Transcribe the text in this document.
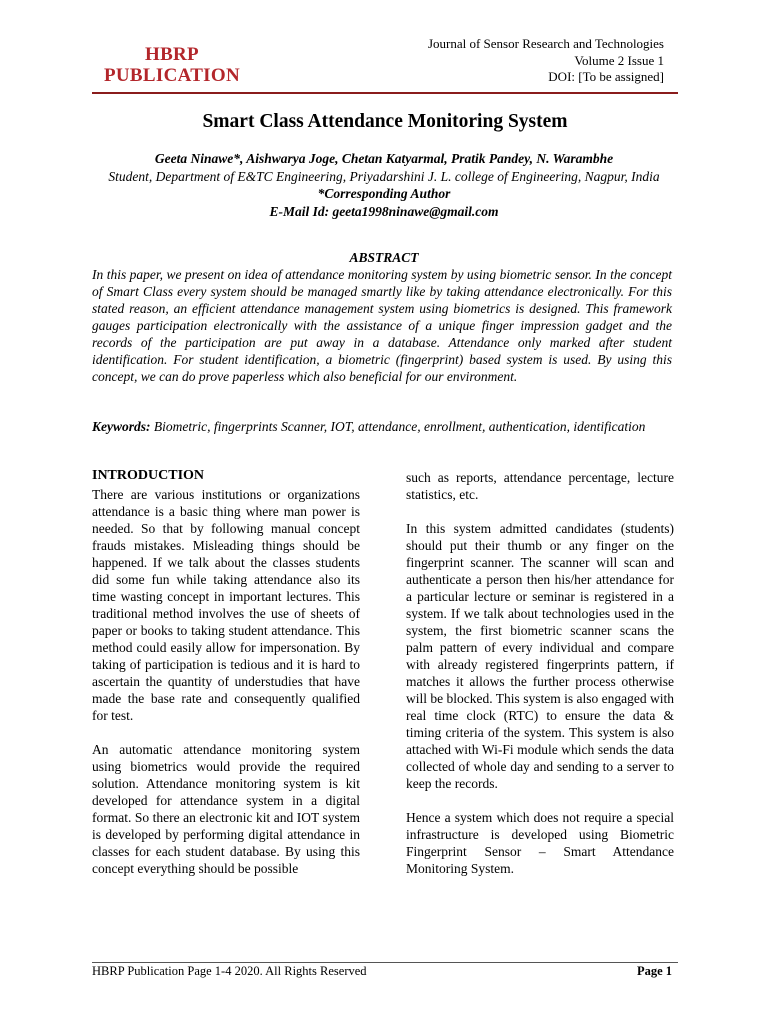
HBRP
PUBLICATION
Journal of Sensor Research and Technologies
Volume 2 Issue 1
DOI: [To be assigned]
Smart Class Attendance Monitoring System
Geeta Ninawe*, Aishwarya Joge, Chetan Katyarmal, Pratik Pandey, N. Warambhe
Student, Department of E&TC Engineering, Priyadarshini J. L. college of Engineering, Nagpur, India
*Corresponding Author
E-Mail Id: geeta1998ninawe@gmail.com
ABSTRACT

In this paper, we present on idea of attendance monitoring system by using biometric sensor. In the concept of Smart Class every system should be managed smartly like by taking attendance electronically. For this stated reason, an efficient attendance management system using biometrics is designed. This framework gauges participation electronically with the assistance of a unique finger impression gadget and the records of the participation are put away in a database. Attendance only marked after student identification. For student identification, a biometric (fingerprint) based system is used. By using this concept, we can do prove paperless which also beneficial for our environment.

Keywords: Biometric, fingerprints Scanner, IOT, attendance, enrollment, authentication, identification

INTRODUCTION

There are various institutions or organizations attendance is a basic thing where man power is needed. So that by following manual concept frauds mistakes. Misleading things should be happened. If we talk about the classes students did some fun while taking attendance also its time wasting concept in important lectures. This traditional method involves the use of sheets of paper or books to taking student attendance. This method could easily allow for impersonation. By taking of participation is tedious and it is hard to ascertain the quantity of understudies that have made the base rate and consequently qualified for test.

An automatic attendance monitoring system using biometrics would provide the required solution. Attendance monitoring system is kit developed for attendance system in a digital format. So there an electronic kit and IOT system is developed by performing digital attendance in classes for each student database. By using this concept everything should be possible

such as reports, attendance percentage, lecture statistics, etc.

In this system admitted candidates (students) should put their thumb or any finger on the fingerprint scanner. The scanner will scan and authenticate a person then his/her attendance for a particular lecture or seminar is registered in a system. If we talk about technologies used in the system, the first biometric scanner scans the palm pattern of every individual and compare with already registered fingerprints pattern, if matches it allows the further process otherwise will be blocked. This system is also engaged with real time clock (RTC) to ensure the data & timing criteria of the system. This system is also attached with Wi-Fi module which sends the data collected of whole day and sending to a server to keep the records.

Hence a system which does not require a special infrastructure is developed using Biometric Fingerprint Sensor – Smart Attendance Monitoring System.

HBRP Publication Page 1-4 2020. All Rights Reserved	Page 1
